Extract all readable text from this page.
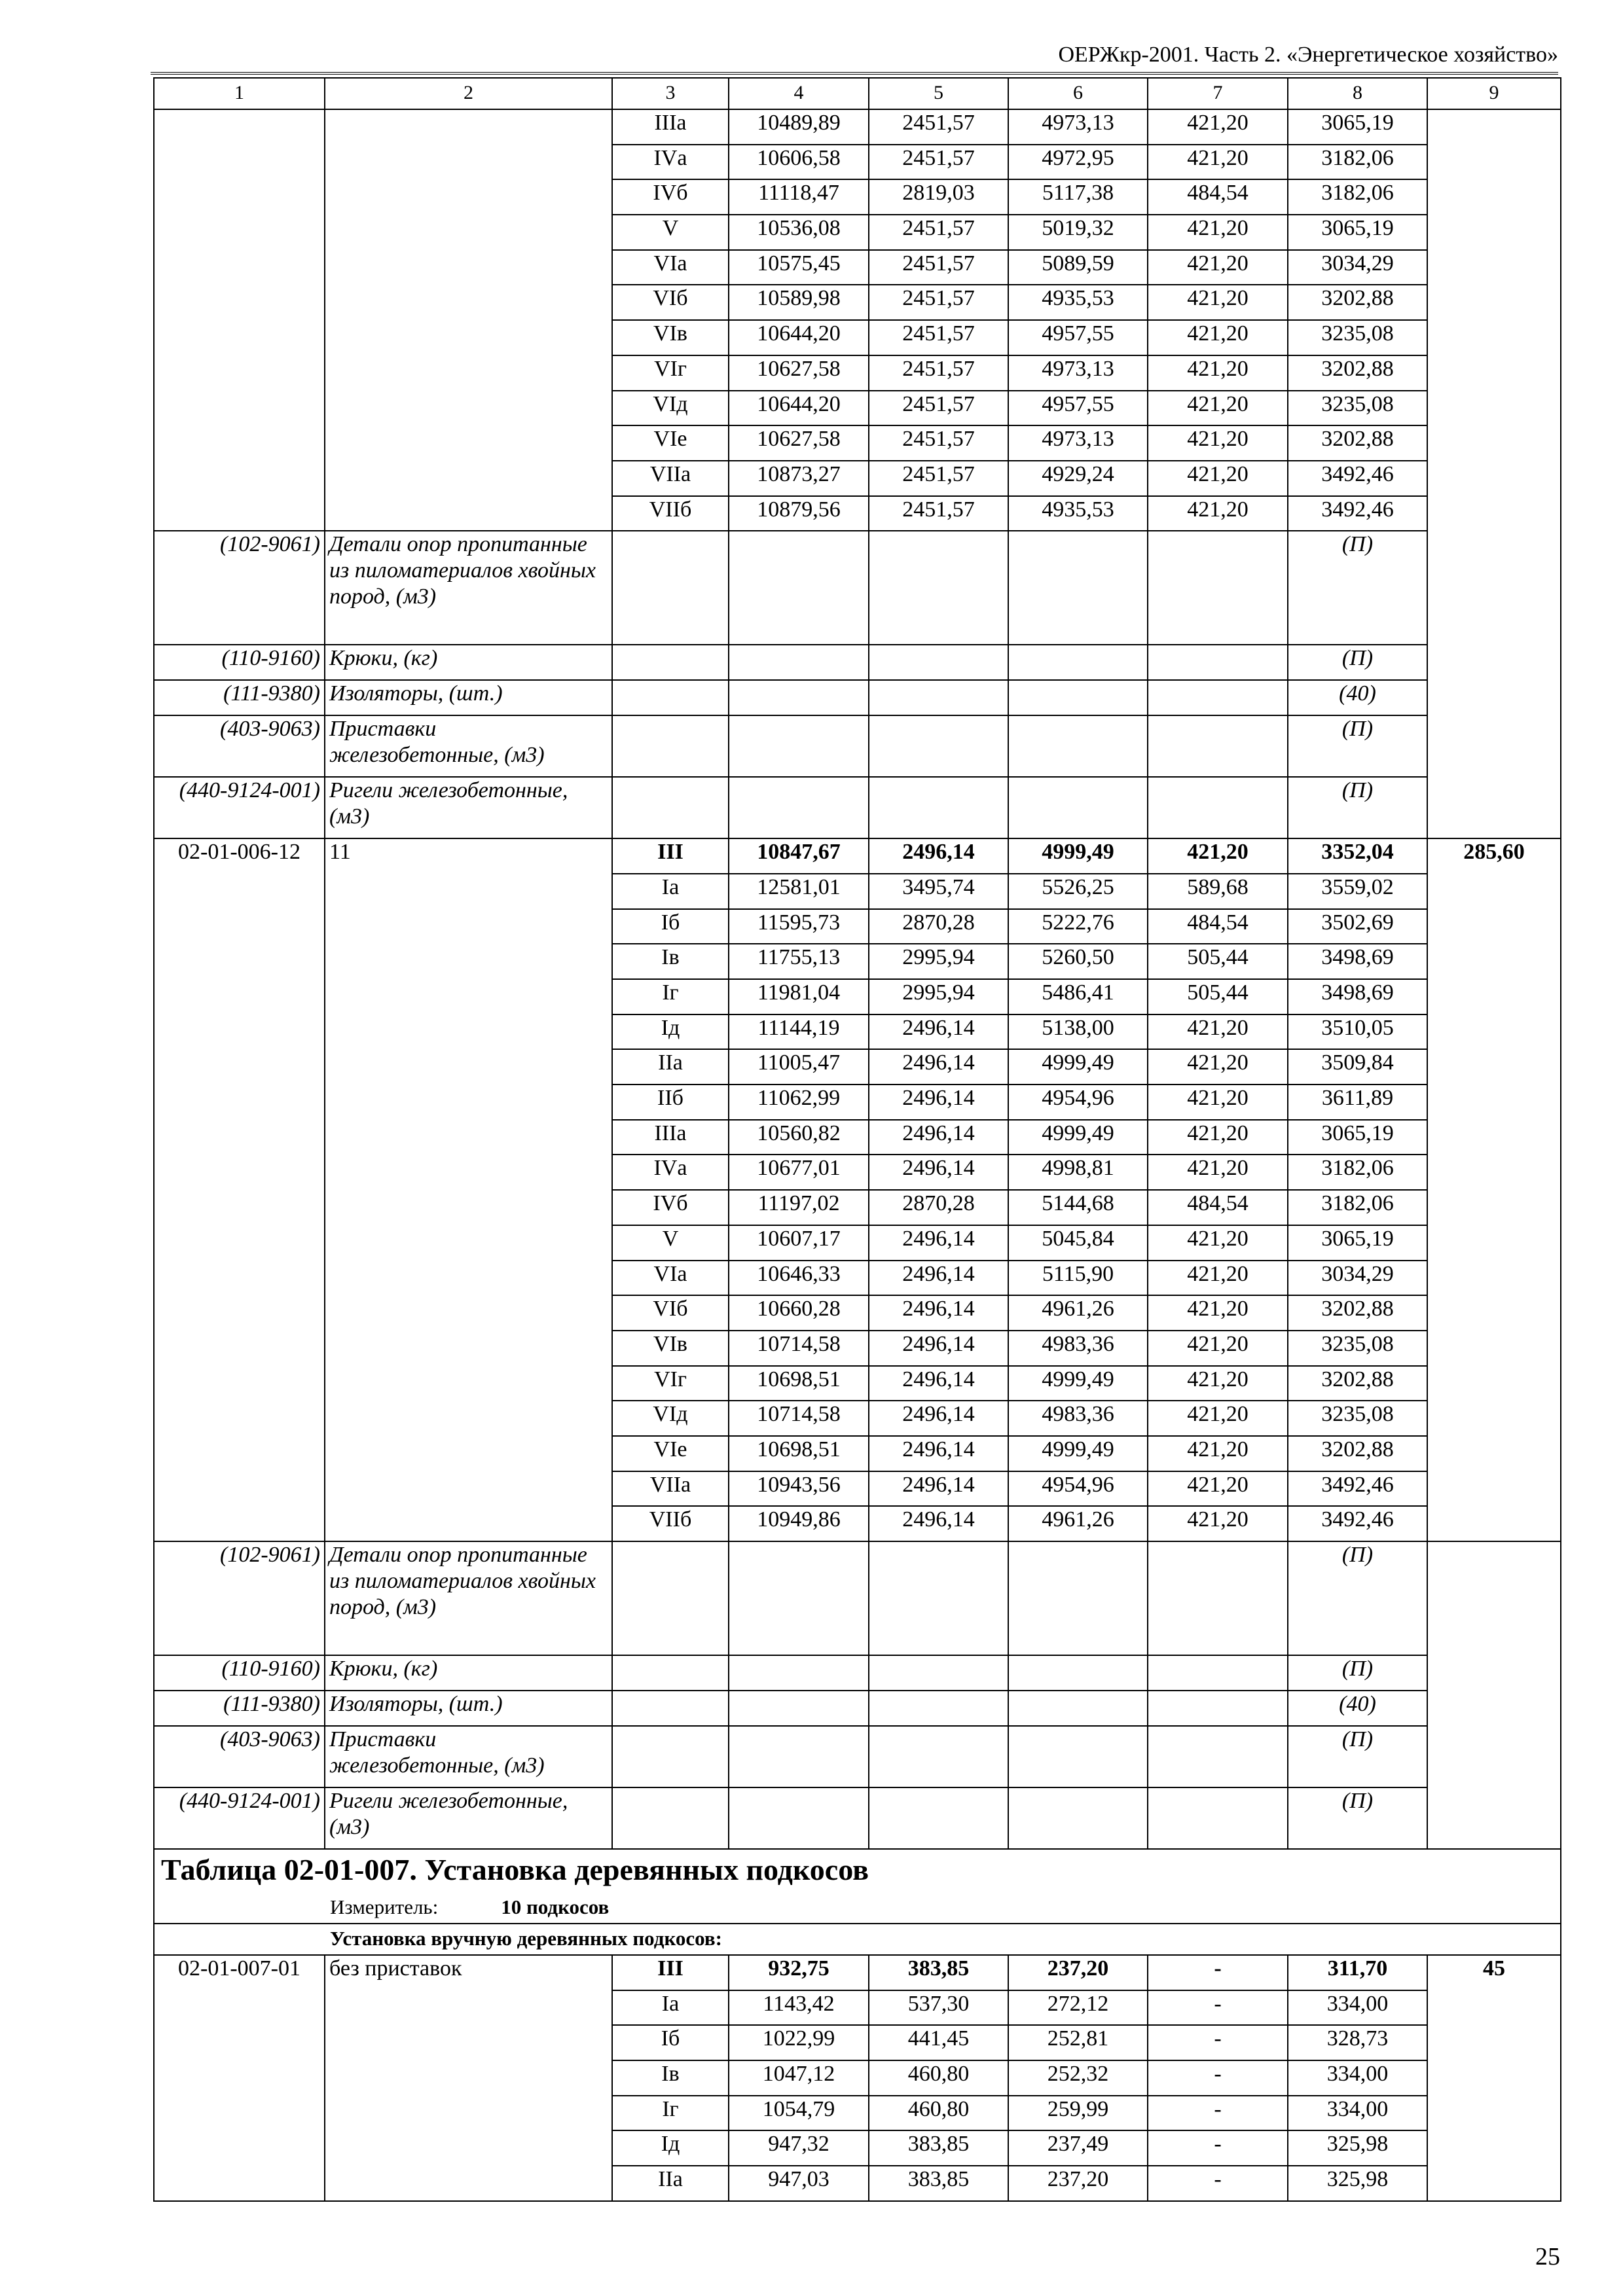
ОЕРЖкр-2001. Часть 2. «Энергетическое хозяйство»
1	2	3	4	5	6	7	8	9
		IIIа	10489,89	2451,57	4973,13	421,20	3065,19	
		IVа	10606,58	2451,57	4972,95	421,20	3182,06	
		IVб	11118,47	2819,03	5117,38	484,54	3182,06	
		V	10536,08	2451,57	5019,32	421,20	3065,19	
		VIа	10575,45	2451,57	5089,59	421,20	3034,29	
		VIб	10589,98	2451,57	4935,53	421,20	3202,88	
		VIв	10644,20	2451,57	4957,55	421,20	3235,08	
		VIг	10627,58	2451,57	4973,13	421,20	3202,88	
		VIд	10644,20	2451,57	4957,55	421,20	3235,08	
		VIе	10627,58	2451,57	4973,13	421,20	3202,88	
		VIIа	10873,27	2451,57	4929,24	421,20	3492,46	
		VIIб	10879,56	2451,57	4935,53	421,20	3492,46	
(102-9061)	Детали опор пропитанные из пиломатериалов хвойных пород, (м3)						(П)	
(110-9160)	Крюки, (кг)						(П)	
(111-9380)	Изоляторы, (шт.)						(40)	
(403-9063)	Приставки железобетонные, (м3)						(П)	
(440-9124-001)	Ригели железобетонные, (м3)						(П)	
02-01-006-12	11	III	10847,67	2496,14	4999,49	421,20	3352,04	285,60
		Iа	12581,01	3495,74	5526,25	589,68	3559,02	
		Iб	11595,73	2870,28	5222,76	484,54	3502,69	
		Iв	11755,13	2995,94	5260,50	505,44	3498,69	
		Iг	11981,04	2995,94	5486,41	505,44	3498,69	
		Iд	11144,19	2496,14	5138,00	421,20	3510,05	
		IIа	11005,47	2496,14	4999,49	421,20	3509,84	
		IIб	11062,99	2496,14	4954,96	421,20	3611,89	
		IIIа	10560,82	2496,14	4999,49	421,20	3065,19	
		IVа	10677,01	2496,14	4998,81	421,20	3182,06	
		IVб	11197,02	2870,28	5144,68	484,54	3182,06	
		V	10607,17	2496,14	5045,84	421,20	3065,19	
		VIа	10646,33	2496,14	5115,90	421,20	3034,29	
		VIб	10660,28	2496,14	4961,26	421,20	3202,88	
		VIв	10714,58	2496,14	4983,36	421,20	3235,08	
		VIг	10698,51	2496,14	4999,49	421,20	3202,88	
		VIд	10714,58	2496,14	4983,36	421,20	3235,08	
		VIе	10698,51	2496,14	4999,49	421,20	3202,88	
		VIIа	10943,56	2496,14	4954,96	421,20	3492,46	
		VIIб	10949,86	2496,14	4961,26	421,20	3492,46	
(102-9061)	Детали опор пропитанные из пиломатериалов хвойных пород, (м3)						(П)	
(110-9160)	Крюки, (кг)						(П)	
(111-9380)	Изоляторы, (шт.)						(40)	
(403-9063)	Приставки железобетонные, (м3)						(П)	
(440-9124-001)	Ригели железобетонные, (м3)						(П)	
Таблица 02-01-007. Установка деревянных подкосов								
Измеритель: 10 подкосов								
Установка вручную деревянных подкосов:								
02-01-007-01	без приставок	III	932,75	383,85	237,20	-	311,70	45
		Iа	1143,42	537,30	272,12	-	334,00	
		Iб	1022,99	441,45	252,81	-	328,73	
		Iв	1047,12	460,80	252,32	-	334,00	
		Iг	1054,79	460,80	259,99	-	334,00	
		Iд	947,32	383,85	237,49	-	325,98	
		IIа	947,03	383,85	237,20	-	325,98	
25
